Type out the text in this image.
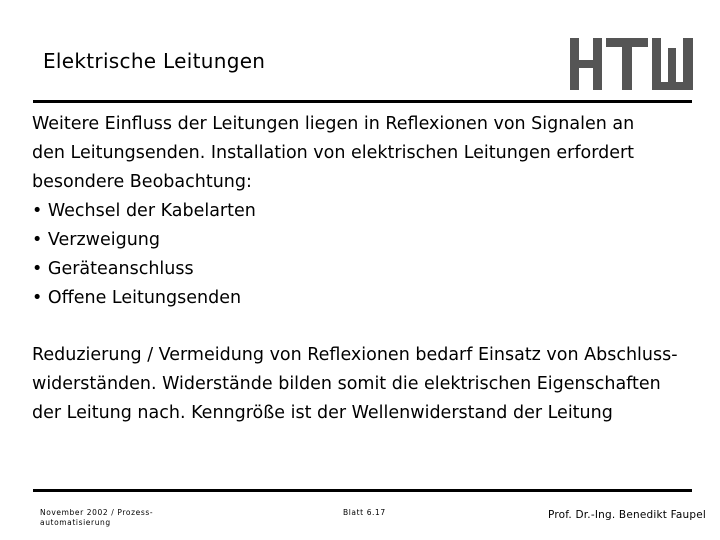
Elektrische Leitungen
Weitere Einfluss der Leitungen liegen in Reflexionen von Signalen an
den Leitungsenden. Installation von elektrischen Leitungen erfordert
besondere Beobachtung:
• Wechsel der Kabelarten
• Verzweigung
• Geräteanschluss
• Offene Leitungsenden
Reduzierung / Vermeidung von Reflexionen bedarf Einsatz von Abschluss-
widerständen. Widerstände bilden somit die elektrischen Eigenschaften
der Leitung nach. Kenngröße ist der Wellenwiderstand der Leitung
November 2002 / Prozess-
automatisierung
Blatt 6.17	Prof. Dr.-Ing. Benedikt Faupel
